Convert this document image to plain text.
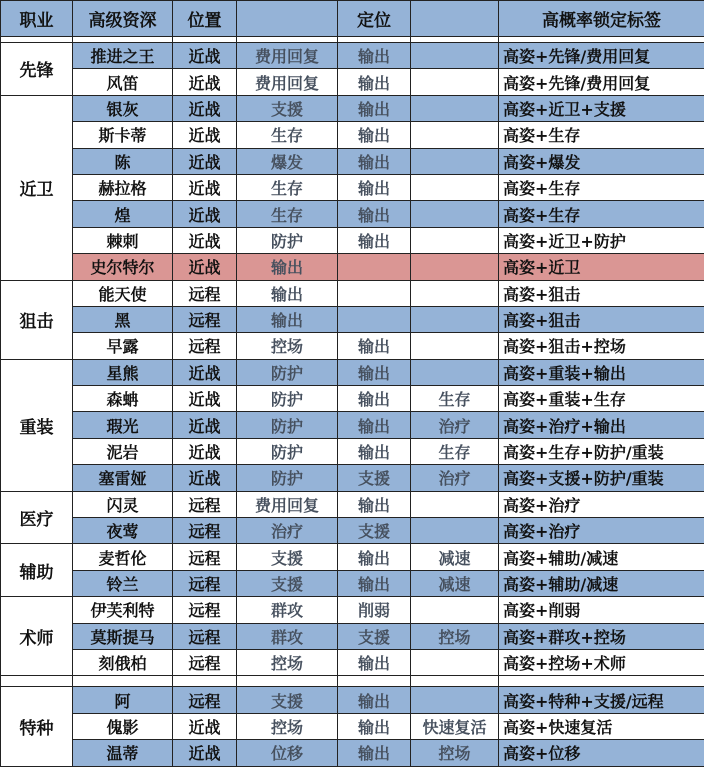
职业	高级资深	位置		定位		高概率锁定标签

先锋	推进之王	近战	费用回复	输出		高姿+先锋/费用回复
	风笛	近战	费用回复	输出		高姿+先锋/费用回复
近卫	银灰	近战	支援	输出		高姿+近卫+支援
	斯卡蒂	近战	生存	输出		高姿+生存
	陈	近战	爆发	输出		高姿+爆发
	赫拉格	近战	生存	输出		高姿+生存
	煌	近战	生存	输出		高姿+生存
	棘刺	近战	防护	输出		高姿+近卫+防护
	史尔特尔	近战	输出			高姿+近卫
狙击	能天使	远程	输出			高姿+狙击
	黑	远程	输出			高姿+狙击
	早露	远程	控场	输出		高姿+狙击+控场
重装	星熊	近战	防护	输出		高姿+重装+输出
	森蚺	近战	防护	输出	生存	高姿+重装+生存
	瑕光	近战	防护	输出	治疗	高姿+治疗+输出
	泥岩	近战	防护	输出	生存	高姿+生存+防护/重装
	塞雷娅	近战	防护	支援	治疗	高姿+支援+防护/重装
医疗	闪灵	远程	费用回复	输出		高姿+治疗
	夜莺	远程	治疗	支援		高姿+治疗
辅助	麦哲伦	远程	支援	输出	减速	高姿+辅助/减速
	铃兰	远程	支援	输出	减速	高姿+辅助/减速
术师	伊芙利特	远程	群攻	削弱		高姿+削弱
	莫斯提马	远程	群攻	支援	控场	高姿+群攻+控场
	刻俄柏	远程	控场	输出		高姿+控场+术师

特种	阿	远程	支援	输出		高姿+特种+支援/远程
	傀影	近战	控场	输出	快速复活	高姿+快速复活
	温蒂	近战	位移	输出	控场	高姿+位移
